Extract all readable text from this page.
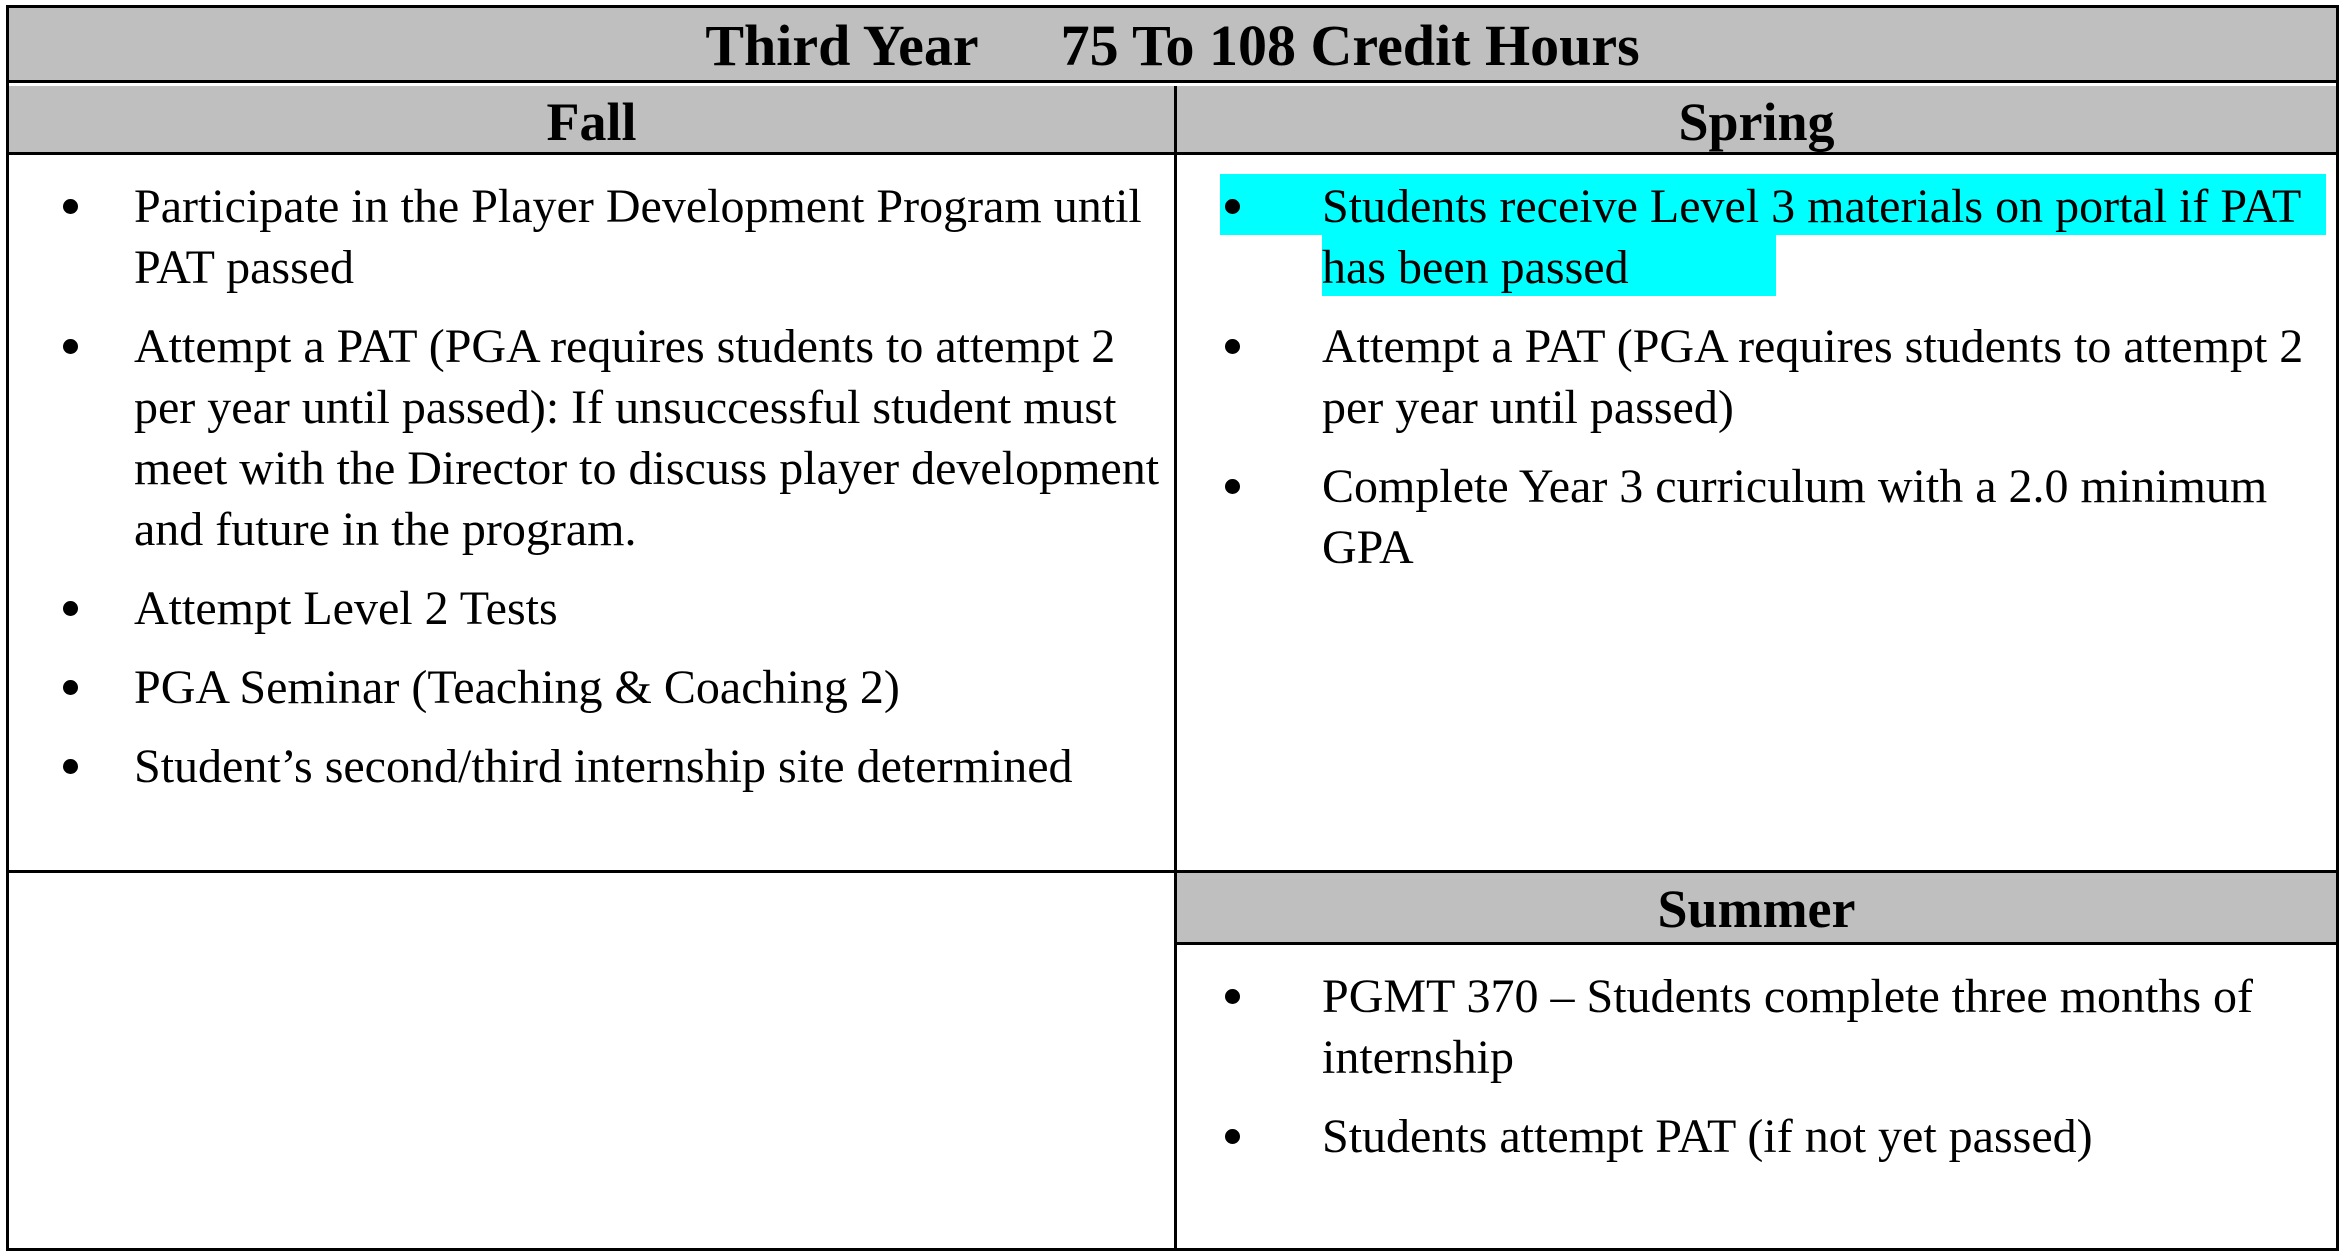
Third Year 75 To 108 Credit Hours
Fall	Spring
Participate in the Player Development Program until PAT passed
Attempt a PAT (PGA requires students to attempt 2 per year until passed): If unsuccessful student must meet with the Director to discuss player development and future in the program.
Attempt Level 2 Tests
PGA Seminar (Teaching & Coaching 2)
Student’s second/third internship site determined
Students receive Level 3 materials on portal if PAT has been passed
Attempt a PAT (PGA requires students to attempt 2 per year until passed)
Complete Year 3 curriculum with a 2.0 minimum GPA
Summer
PGMT 370 – Students complete three months of internship
Students attempt PAT (if not yet passed)
